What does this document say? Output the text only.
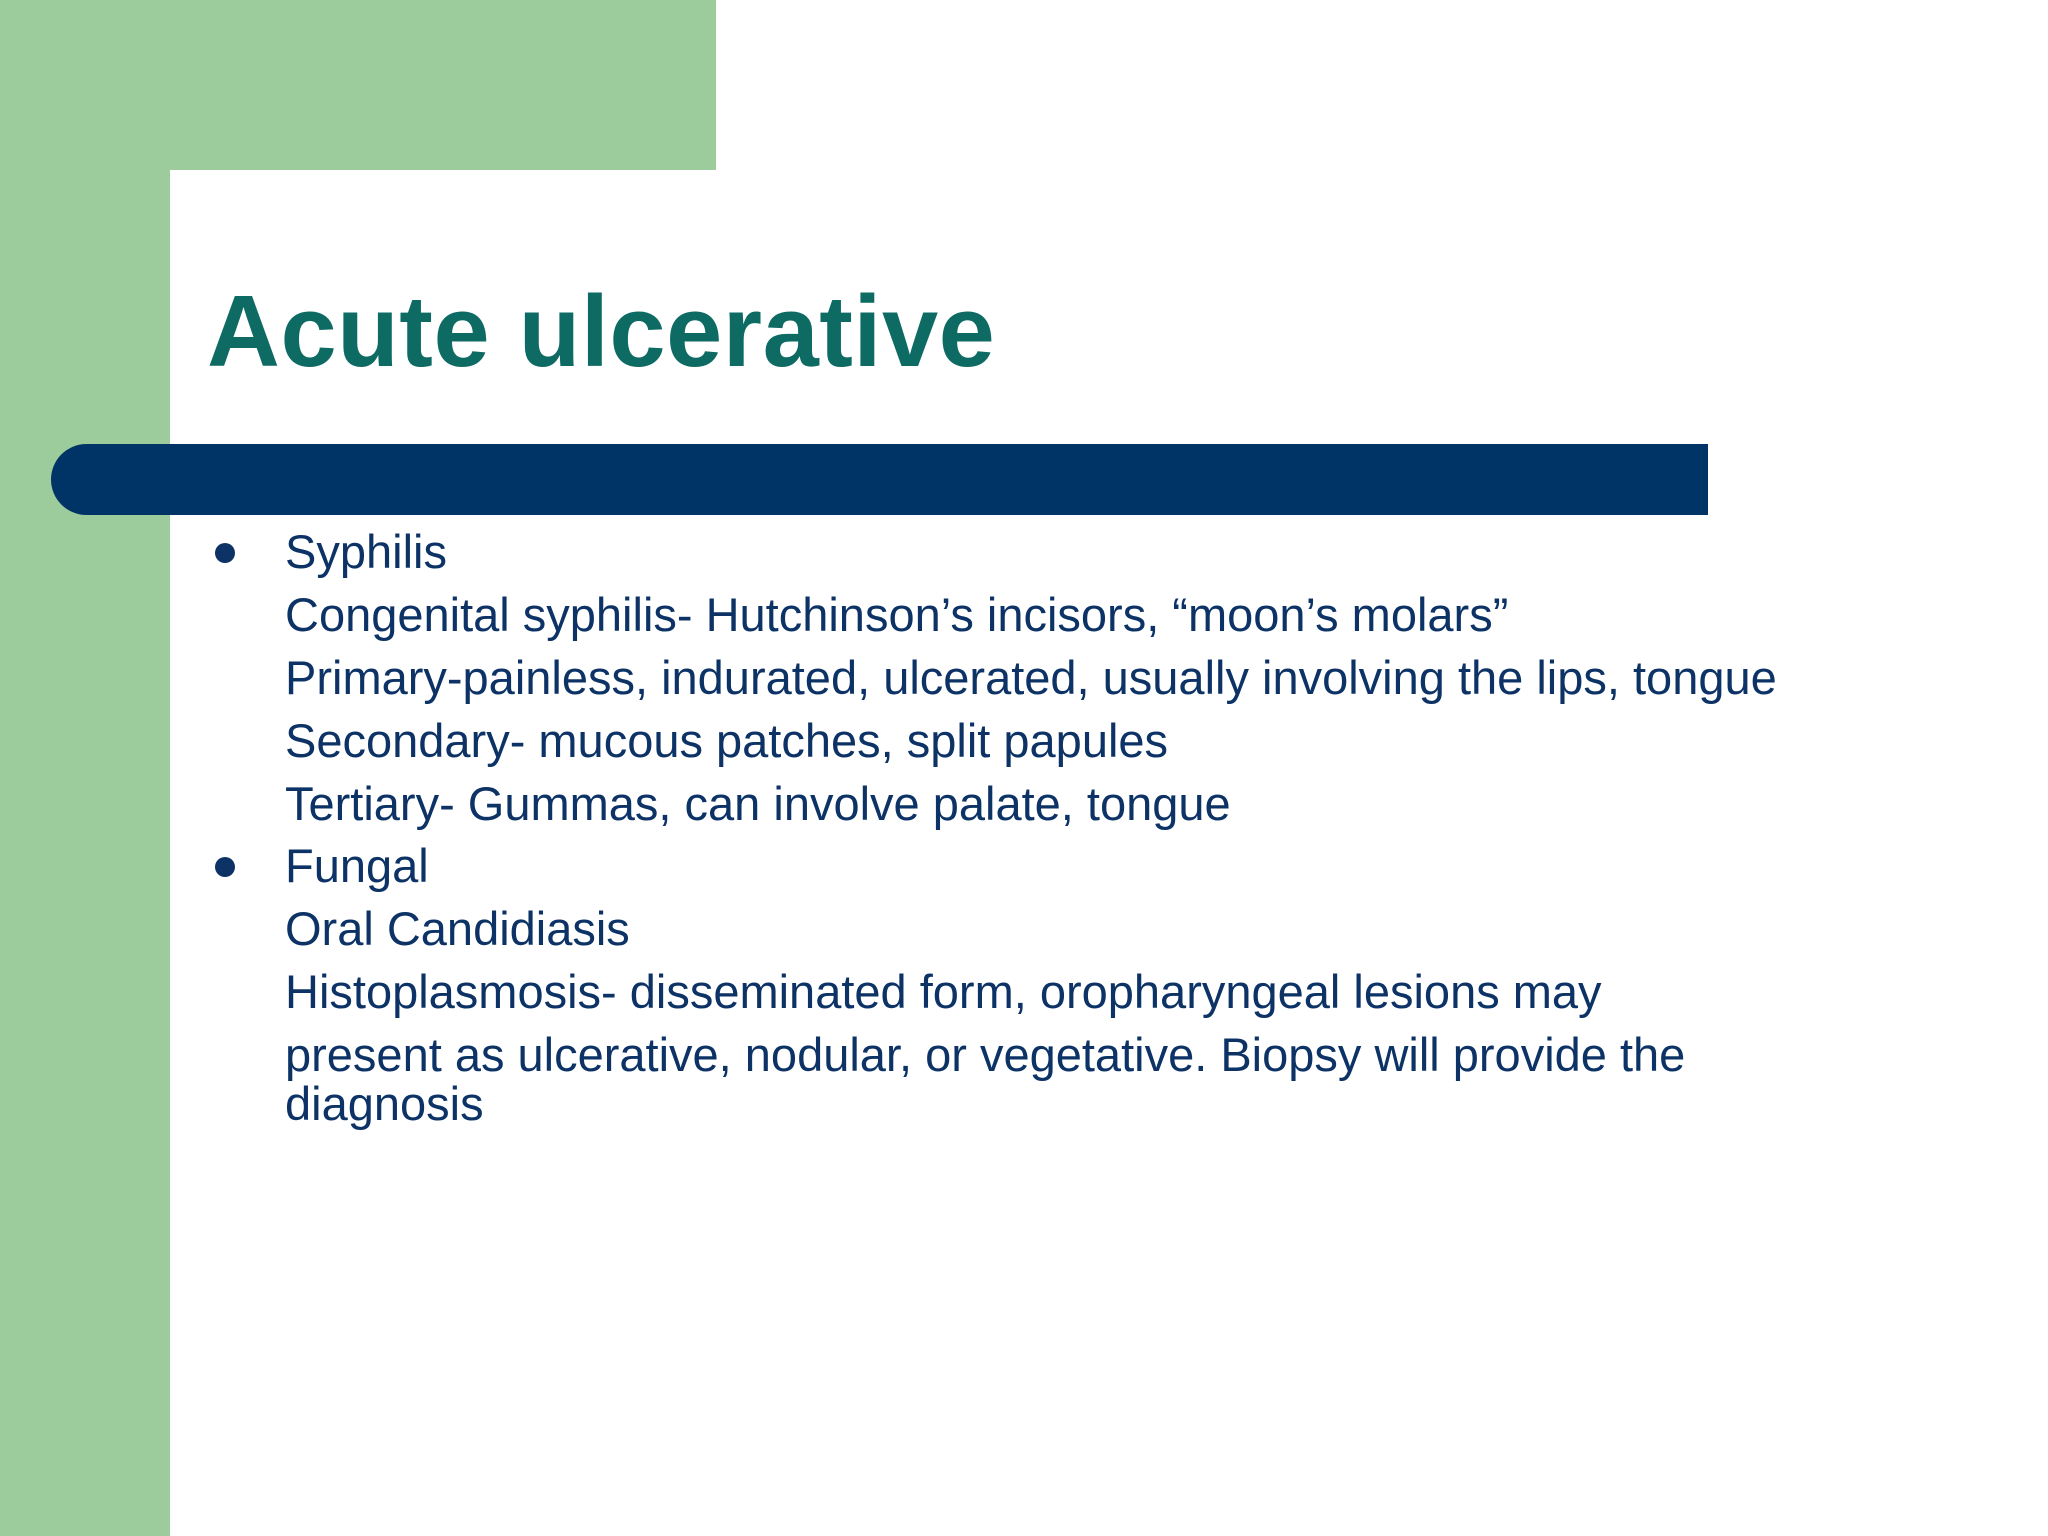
Acute ulcerative
Syphilis
Congenital syphilis- Hutchinson’s incisors, “moon’s molars”
Primary-painless, indurated, ulcerated, usually involving the lips, tongue
Secondary- mucous patches, split papules
Tertiary- Gummas, can involve palate, tongue
Fungal
Oral Candidiasis
Histoplasmosis- disseminated form, oropharyngeal lesions may
present as ulcerative, nodular, or vegetative. Biopsy will provide the diagnosis
